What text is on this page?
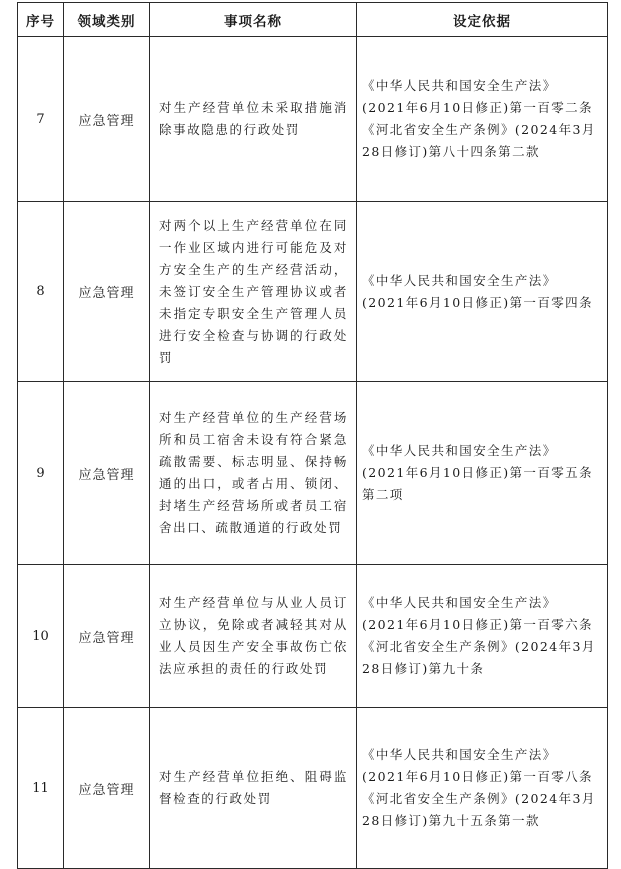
序号	领域类别	事项名称	设定依据
7	应急管理	对生产经营单位未采取措施消除事故隐患的行政处罚	《中华人民共和国安全生产法》(2021年6月10日修正)第一百零二条
《河北省安全生产条例》(2024年3月28日修订)第八十四条第二款

8	应急管理	对两个以上生产经营单位在同一作业区域内进行可能危及对方安全生产的生产经营活动，未签订安全生产管理协议或者未指定专职安全生产管理人员进行安全检查与协调的行政处罚	《中华人民共和国安全生产法》(2021年6月10日修正)第一百零四条

9	应急管理	对生产经营单位的生产经营场所和员工宿舍未设有符合紧急疏散需要、标志明显、保持畅通的出口，或者占用、锁闭、封堵生产经营场所或者员工宿舍出口、疏散通道的行政处罚	《中华人民共和国安全生产法》(2021年6月10日修正)第一百零五条第二项

10	应急管理	对生产经营单位与从业人员订立协议，免除或者减轻其对从业人员因生产安全事故伤亡依法应承担的责任的行政处罚	《中华人民共和国安全生产法》(2021年6月10日修正)第一百零六条
《河北省安全生产条例》(2024年3月28日修订)第九十条

11	应急管理	对生产经营单位拒绝、阻碍监督检查的行政处罚	《中华人民共和国安全生产法》(2021年6月10日修正)第一百零八条
《河北省安全生产条例》(2024年3月28日修订)第九十五条第一款
